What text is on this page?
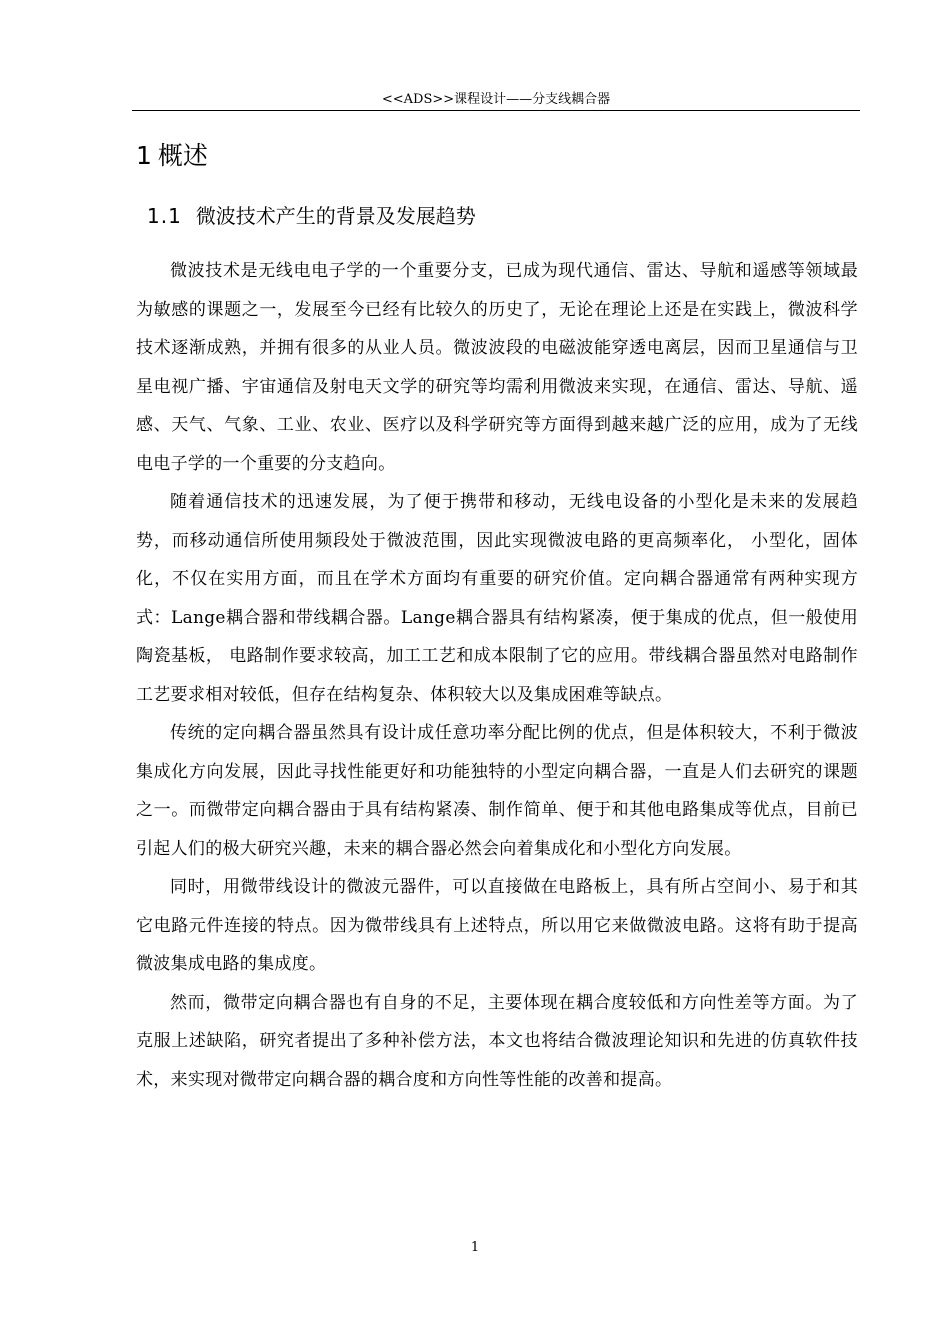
<<ADS>>课程设计——分支线耦合器
1 概述
1.1 微波技术产生的背景及发展趋势

微波技术是无线电电子学的一个重要分支，已成为现代通信、雷达、导航和遥感等领域最为敏感的课题之一，发展至今已经有比较久的历史了，无论在理论上还是在实践上，微波科学技术逐渐成熟，并拥有很多的从业人员。微波波段的电磁波能穿透电离层，因而卫星通信与卫星电视广播、宇宙通信及射电天文学的研究等均需利用微波来实现，在通信、雷达、导航、遥感、天气、气象、工业、农业、医疗以及科学研究等方面得到越来越广泛的应用，成为了无线电电子学的一个重要的分支趋向。

随着通信技术的迅速发展，为了便于携带和移动，无线电设备的小型化是未来的发展趋势，而移动通信所使用频段处于微波范围，因此实现微波电路的更高频率化， 小型化，固体化，不仅在实用方面，而且在学术方面均有重要的研究价值。定向耦合器通常有两种实现方式：Lange耦合器和带线耦合器。Lange耦合器具有结构紧凑，便于集成的优点，但一般使用陶瓷基板， 电路制作要求较高，加工工艺和成本限制了它的应用。带线耦合器虽然对电路制作工艺要求相对较低，但存在结构复杂、体积较大以及集成困难等缺点。

传统的定向耦合器虽然具有设计成任意功率分配比例的优点，但是体积较大，不利于微波集成化方向发展，因此寻找性能更好和功能独特的小型定向耦合器，一直是人们去研究的课题之一。而微带定向耦合器由于具有结构紧凑、制作简单、便于和其他电路集成等优点，目前已引起人们的极大研究兴趣，未来的耦合器必然会向着集成化和小型化方向发展。

同时，用微带线设计的微波元器件，可以直接做在电路板上，具有所占空间小、易于和其它电路元件连接的特点。因为微带线具有上述特点，所以用它来做微波电路。这将有助于提高微波集成电路的集成度。

然而，微带定向耦合器也有自身的不足，主要体现在耦合度较低和方向性差等方面。为了克服上述缺陷，研究者提出了多种补偿方法，本文也将结合微波理论知识和先进的仿真软件技术，来实现对微带定向耦合器的耦合度和方向性等性能的改善和提高。

1
